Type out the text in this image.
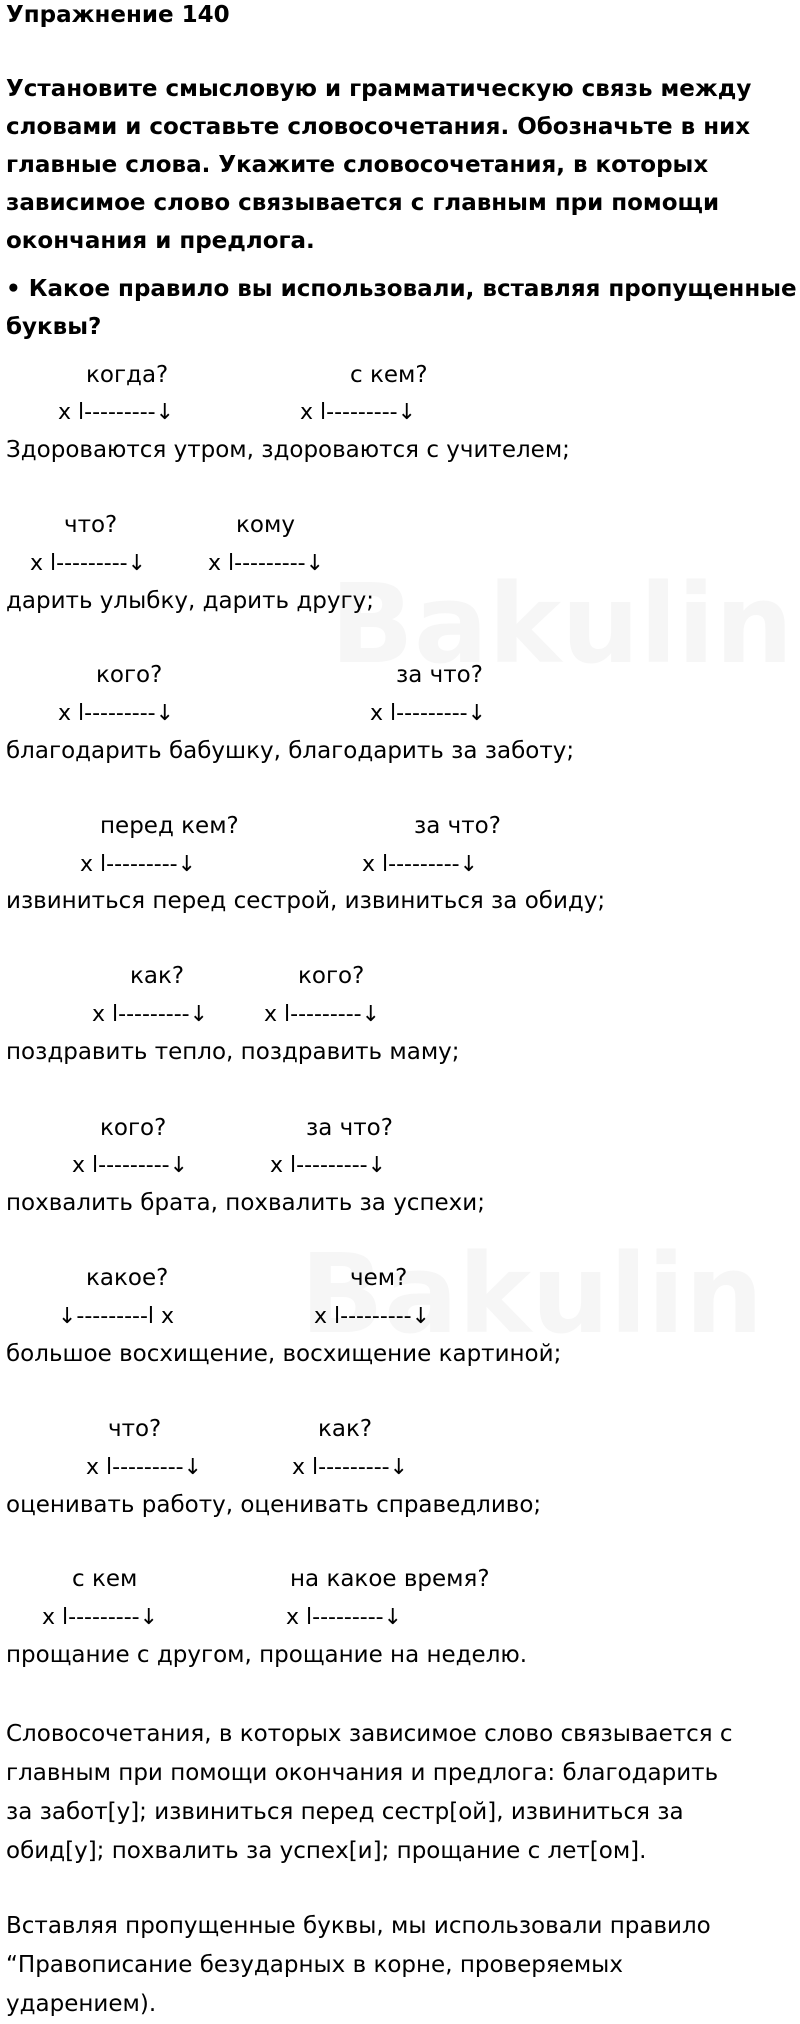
Упражнение 140
Установите смысловую и грамматическую связь между
словами и составьте словосочетания. Обозначьте в них
главные слова. Укажите словосочетания, в которых
зависимое слово связывается с главным при помощи
окончания и предлога.
• Какое правило вы использовали, вставляя пропущенные
буквы?
когда?	с кем?
x l---------↓	x l---------↓
Здороваются утром, здороваются с учителем;
что?	кому
x l---------↓	x l---------↓
дарить улыбку, дарить другу;
кого?	за что?
x l---------↓	x l---------↓
благодарить бабушку, благодарить за заботу;
перед кем?	за что?
x l---------↓	x l---------↓
извиниться перед сестрой, извиниться за обиду;
как?	кого?
x l---------↓	x l---------↓
поздравить тепло, поздравить маму;
кого?	за что?
x l---------↓	x l---------↓
похвалить брата, похвалить за успехи;
какое?	чем?
↓---------l x	x l---------↓
большое восхищение, восхищение картиной;
что?	как?
x l---------↓	x l---------↓
оценивать работу, оценивать справедливо;
с кем	на какое время?
x l---------↓	x l---------↓
прощание с другом, прощание на неделю.
Словосочетания, в которых зависимое слово связывается с
главным при помощи окончания и предлога: благодарить
за забот[у]; извиниться перед сестр[ой], извиниться за
обид[у]; похвалить за успех[и]; прощание с лет[ом].
Вставляя пропущенные буквы, мы использовали правило
“Правописание безударных в корне, проверяемых
ударением).
